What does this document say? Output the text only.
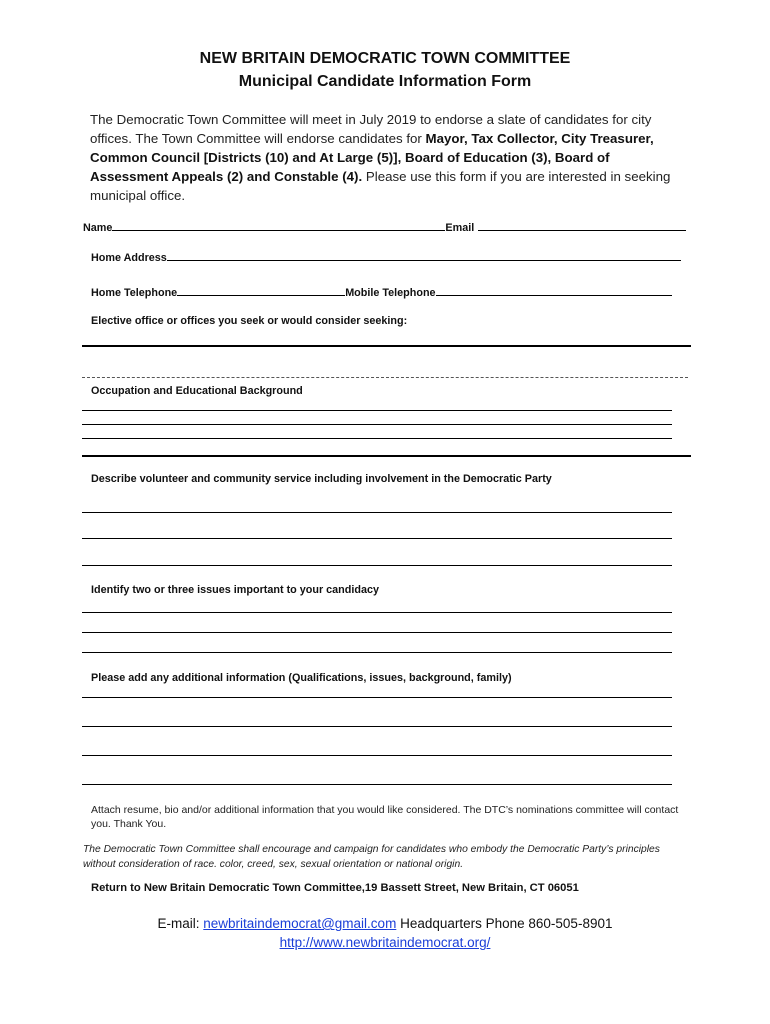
NEW BRITAIN DEMOCRATIC TOWN COMMITTEE
Municipal Candidate Information Form
The Democratic Town Committee will meet in July 2019 to endorse a slate of candidates for city offices. The Town Committee will endorse candidates for Mayor, Tax Collector, City Treasurer, Common Council [Districts (10) and At Large (5)], Board of Education (3), Board of Assessment Appeals (2) and Constable (4). Please use this form if you are interested in seeking municipal office.
Name	Email
Home Address
Home Telephone	Mobile Telephone
Elective office or offices you seek or would consider seeking:
Occupation and Educational Background
Describe volunteer and community service including involvement in the Democratic Party
Identify two or three issues important to your candidacy
Please add any additional information (Qualifications, issues, background, family)
Attach resume, bio and/or additional information that you would like considered. The DTC’s nominations committee will contact you. Thank You.
The Democratic Town Committee shall encourage and campaign for candidates who embody the Democratic Party’s principles without consideration of race. color, creed, sex, sexual orientation or national origin.
Return to New Britain Democratic Town Committee,19 Bassett Street, New Britain, CT 06051
E-mail: newbritaindemocrat@gmail.com Headquarters Phone 860-505-8901
http://www.newbritaindemocrat.org/
